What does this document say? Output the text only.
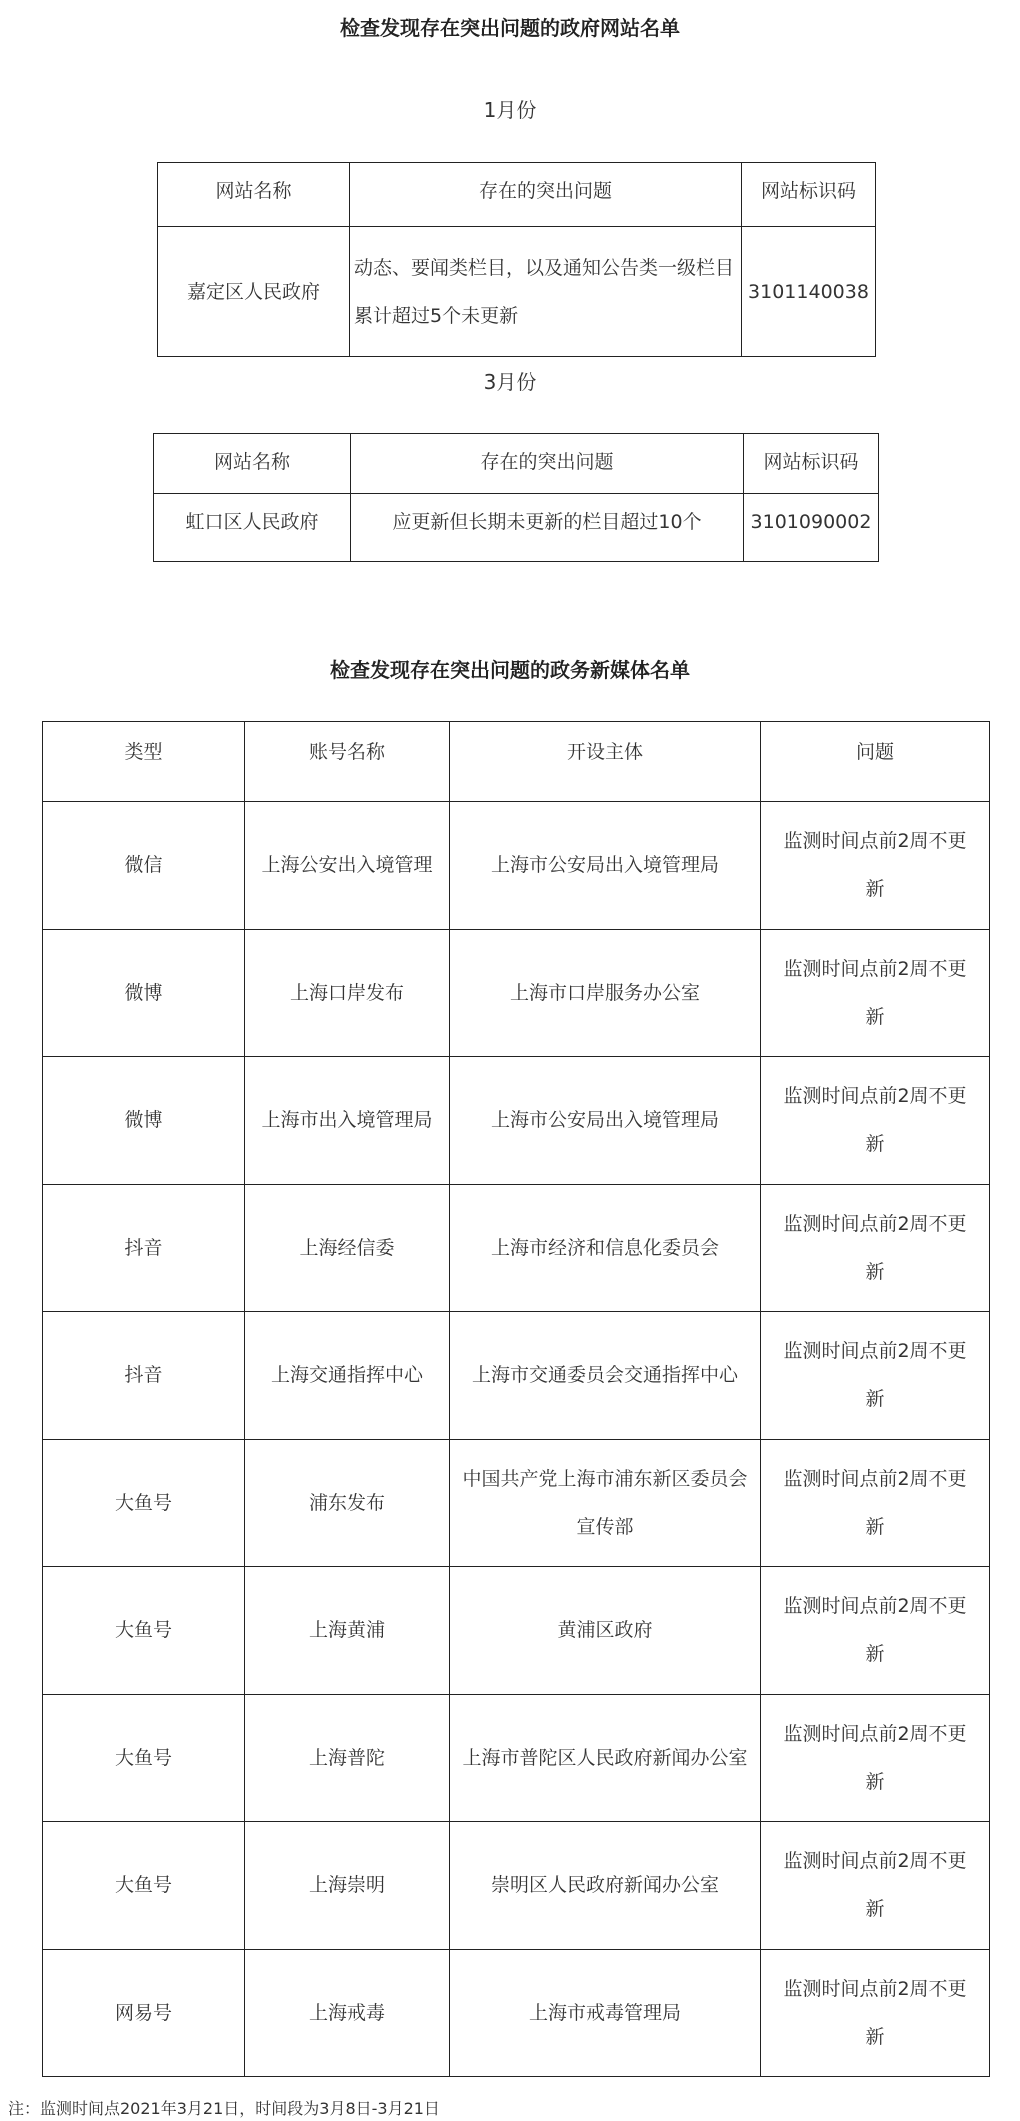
检查发现存在突出问题的政府网站名单
1月份
网站名称	存在的突出问题	网站标识码
嘉定区人民政府	动态、要闻类栏目，以及通知公告类一级栏目累计超过5个未更新	3101140038
3月份
网站名称	存在的突出问题	网站标识码
虹口区人民政府	应更新但长期未更新的栏目超过10个	3101090002
检查发现存在突出问题的政务新媒体名单
类型	账号名称	开设主体	问题
微信	上海公安出入境管理	上海市公安局出入境管理局	监测时间点前2周不更新
微博	上海口岸发布	上海市口岸服务办公室	监测时间点前2周不更新
微博	上海市出入境管理局	上海市公安局出入境管理局	监测时间点前2周不更新
抖音	上海经信委	上海市经济和信息化委员会	监测时间点前2周不更新
抖音	上海交通指挥中心	上海市交通委员会交通指挥中心	监测时间点前2周不更新
大鱼号	浦东发布	中国共产党上海市浦东新区委员会宣传部	监测时间点前2周不更新
大鱼号	上海黄浦	黄浦区政府	监测时间点前2周不更新
大鱼号	上海普陀	上海市普陀区人民政府新闻办公室	监测时间点前2周不更新
大鱼号	上海崇明	崇明区人民政府新闻办公室	监测时间点前2周不更新
网易号	上海戒毒	上海市戒毒管理局	监测时间点前2周不更新
注：监测时间点2021年3月21日，时间段为3月8日-3月21日
